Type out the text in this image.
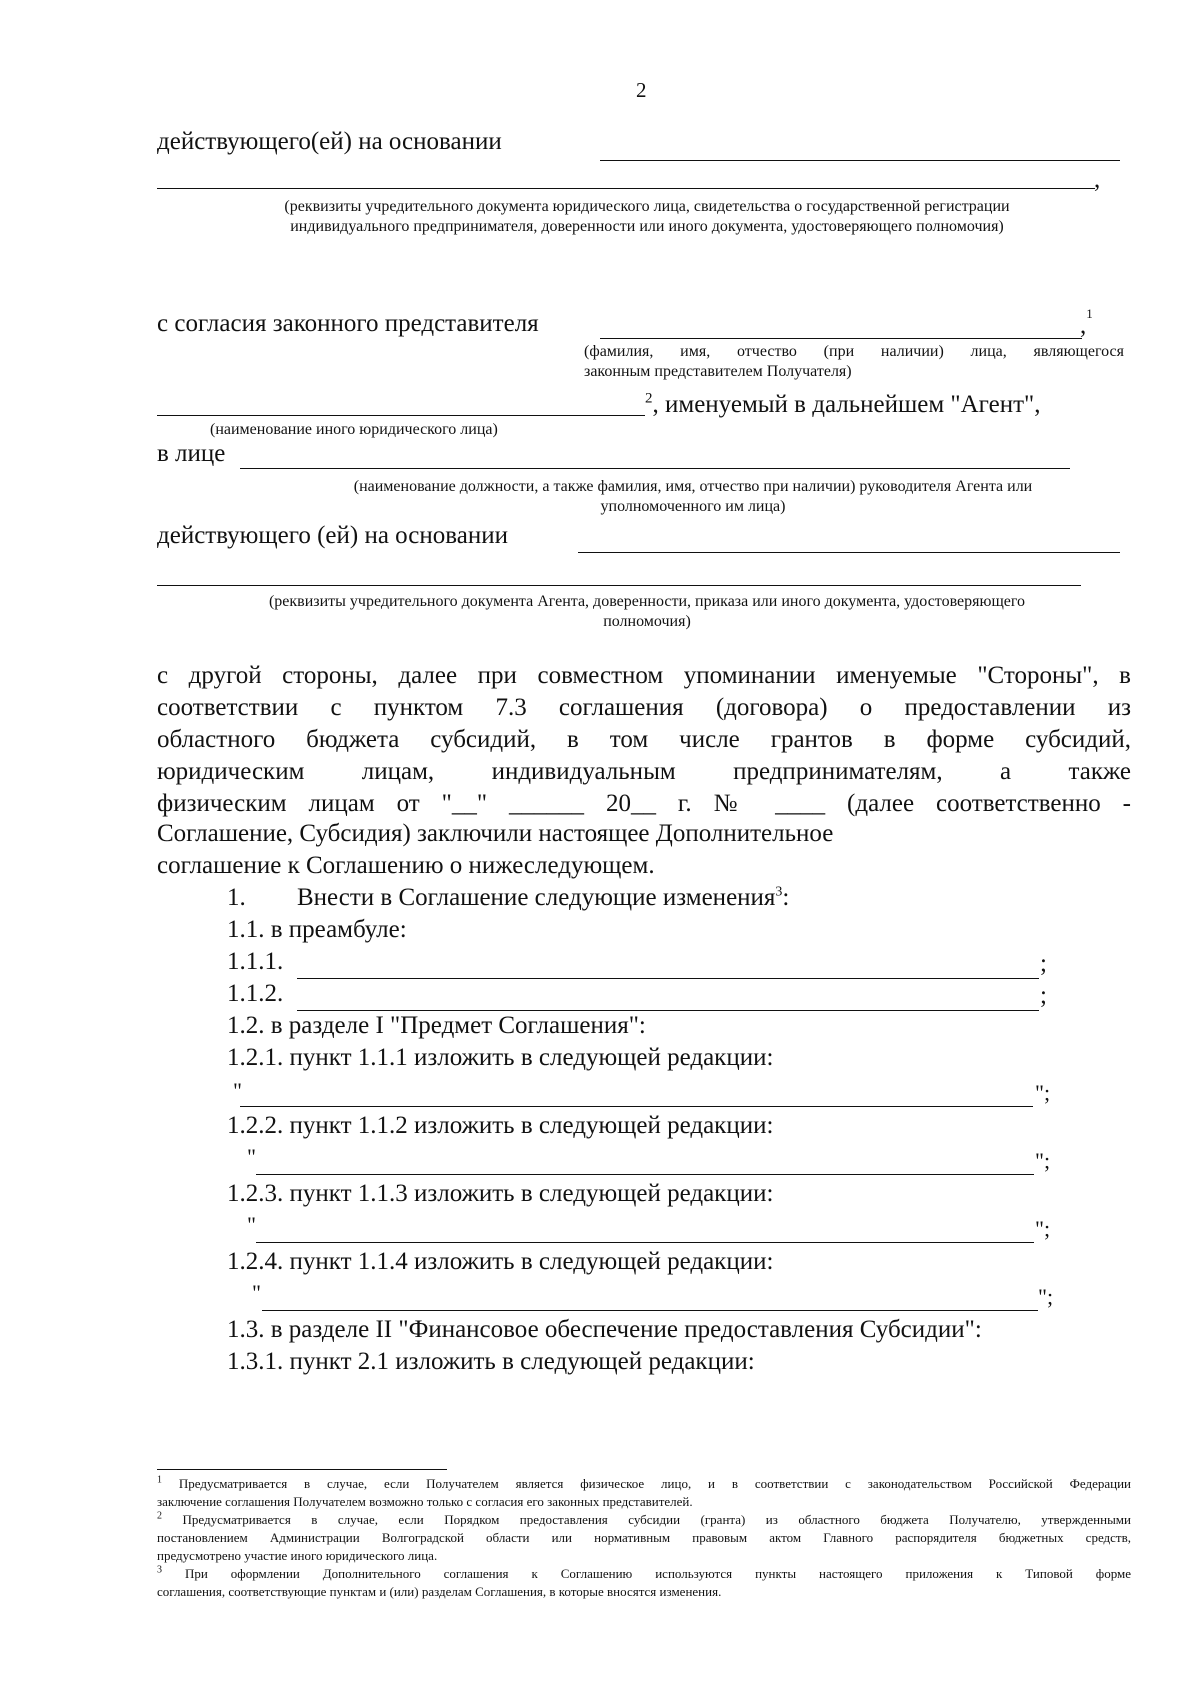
2
действующего(ей) на основании
,
(реквизиты учредительного документа юридического лица, свидетельства о государственной регистрации
индивидуального предпринимателя, доверенности или иного документа, удостоверяющего полномочия)
с согласия законного представителя	,$^1$
(фамилия, имя, отчество (при наличии) лица, являющегося
законным представителем Получателя)
$^2$, именуемый в дальнейшем "Агент",
(наименование иного юридического лица)
в лице
(наименование должности, а также фамилия, имя, отчество при наличии) руководителя Агента или
уполномоченного им лица)
действующего (ей) на основании
(реквизиты учредительного документа Агента, доверенности, приказа или иного документа, удостоверяющего
полномочия)
с другой стороны, далее при совместном упоминании именуемые "Стороны", в
соответствии с пунктом 7.3 соглашения (договора) о предоставлении из
областного бюджета субсидий, в том числе грантов в форме субсидий,
юридическим лицам, индивидуальным предпринимателям, а также
физическим лицам от "__" ______ 20__ г. № ____ (далее соответственно -
Соглашение, Субсидия) заключили настоящее Дополнительное
соглашение к Соглашению о нижеследующем.
1. Внести в Соглашение следующие изменения$^3$:
1.1. в преамбуле:
1.1.1.	;
1.1.2.	;
1.2. в разделе I "Предмет Соглашения":
1.2.1. пункт 1.1.1 изложить в следующей редакции:
"	";
1.2.2. пункт 1.1.2 изложить в следующей редакции:
"	";
1.2.3. пункт 1.1.3 изложить в следующей редакции:
"	";
1.2.4. пункт 1.1.4 изложить в следующей редакции:
"	";
1.3. в разделе II "Финансовое обеспечение предоставления Субсидии":
1.3.1. пункт 2.1 изложить в следующей редакции:
$^1$ Предусматривается в случае, если Получателем является физическое лицо, и в соответствии с законодательством Российской Федерации
заключение соглашения Получателем возможно только с согласия его законных представителей.
$^2$ Предусматривается в случае, если Порядком предоставления субсидии (гранта) из областного бюджета Получателю, утвержденными
постановлением Администрации Волгоградской области или нормативным правовым актом Главного распорядителя бюджетных средств,
предусмотрено участие иного юридического лица.
$^3$ При оформлении Дополнительного соглашения к Соглашению используются пункты настоящего приложения к Типовой форме
соглашения, соответствующие пунктам и (или) разделам Соглашения, в которые вносятся изменения.
